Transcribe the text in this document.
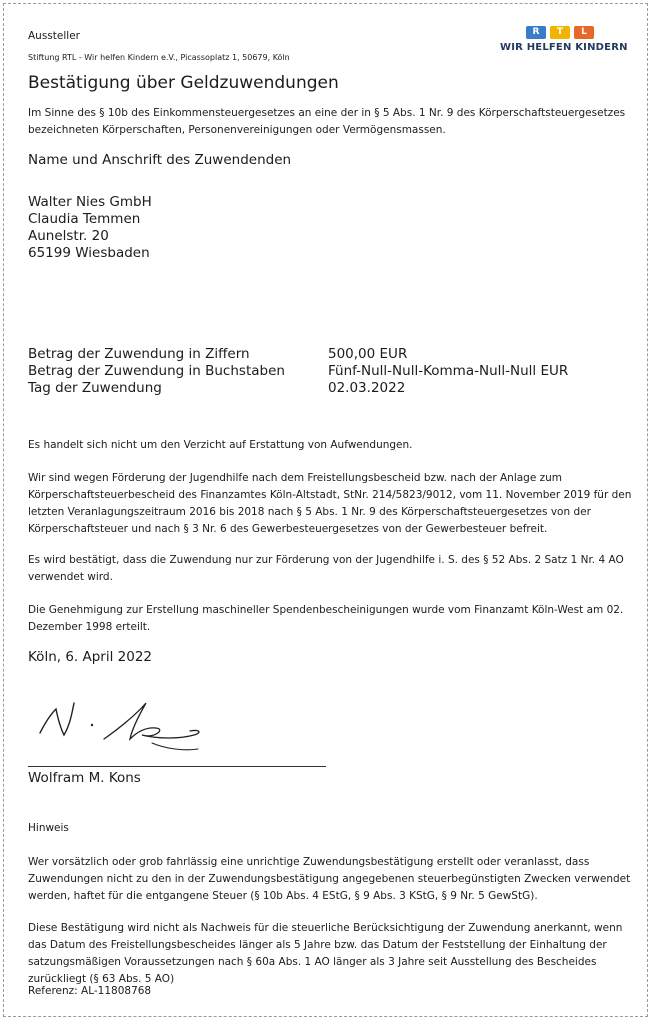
Aussteller
Stiftung RTL - Wir helfen Kindern e.V., Picassoplatz 1, 50679, Köln
R	T	L
WIR HELFEN KINDERN
Bestätigung über Geldzuwendungen
Im Sinne des § 10b des Einkommensteuergesetzes an eine der in § 5 Abs. 1 Nr. 9 des Körperschaftsteuergesetzes bezeichneten Körperschaften, Personenvereinigungen oder Vermögensmassen.
Name und Anschrift des Zuwendenden
Walter Nies GmbH
Claudia Temmen
Aunelstr. 20
65199 Wiesbaden
Betrag der Zuwendung in Ziffern	500,00 EUR
Betrag der Zuwendung in Buchstaben	Fünf-Null-Null-Komma-Null-Null EUR
Tag der Zuwendung	02.03.2022
Es handelt sich nicht um den Verzicht auf Erstattung von Aufwendungen.
Wir sind wegen Förderung der Jugendhilfe nach dem Freistellungsbescheid bzw. nach der Anlage zum Körperschaftsteuerbescheid des Finanzamtes Köln-Altstadt, StNr. 214/5823/9012, vom 11. November 2019 für den letzten Veranlagungszeitraum 2016 bis 2018 nach § 5 Abs. 1 Nr. 9 des Körperschaftsteuergesetzes von der Körperschaftsteuer und nach § 3 Nr. 6 des Gewerbesteuergesetzes von der Gewerbesteuer befreit.
Es wird bestätigt, dass die Zuwendung nur zur Förderung von der Jugendhilfe i. S. des § 52 Abs. 2 Satz 1 Nr. 4 AO verwendet wird.
Die Genehmigung zur Erstellung maschineller Spendenbescheinigungen wurde vom Finanzamt Köln-West am 02. Dezember 1998 erteilt.
Köln, 6. April 2022
Wolfram M. Kons
Hinweis
Wer vorsätzlich oder grob fahrlässig eine unrichtige Zuwendungsbestätigung erstellt oder veranlasst, dass Zuwendungen nicht zu den in der Zuwendungsbestätigung angegebenen steuerbegünstigten Zwecken verwendet werden, haftet für die entgangene Steuer (§ 10b Abs. 4 EStG, § 9 Abs. 3 KStG, § 9 Nr. 5 GewStG).
Diese Bestätigung wird nicht als Nachweis für die steuerliche Berücksichtigung der Zuwendung anerkannt, wenn das Datum des Freistellungsbescheides länger als 5 Jahre bzw. das Datum der Feststellung der Einhaltung der satzungsmäßigen Voraussetzungen nach § 60a Abs. 1 AO länger als 3 Jahre seit Ausstellung des Bescheides zurückliegt (§ 63 Abs. 5 AO)
Referenz: AL-11808768
